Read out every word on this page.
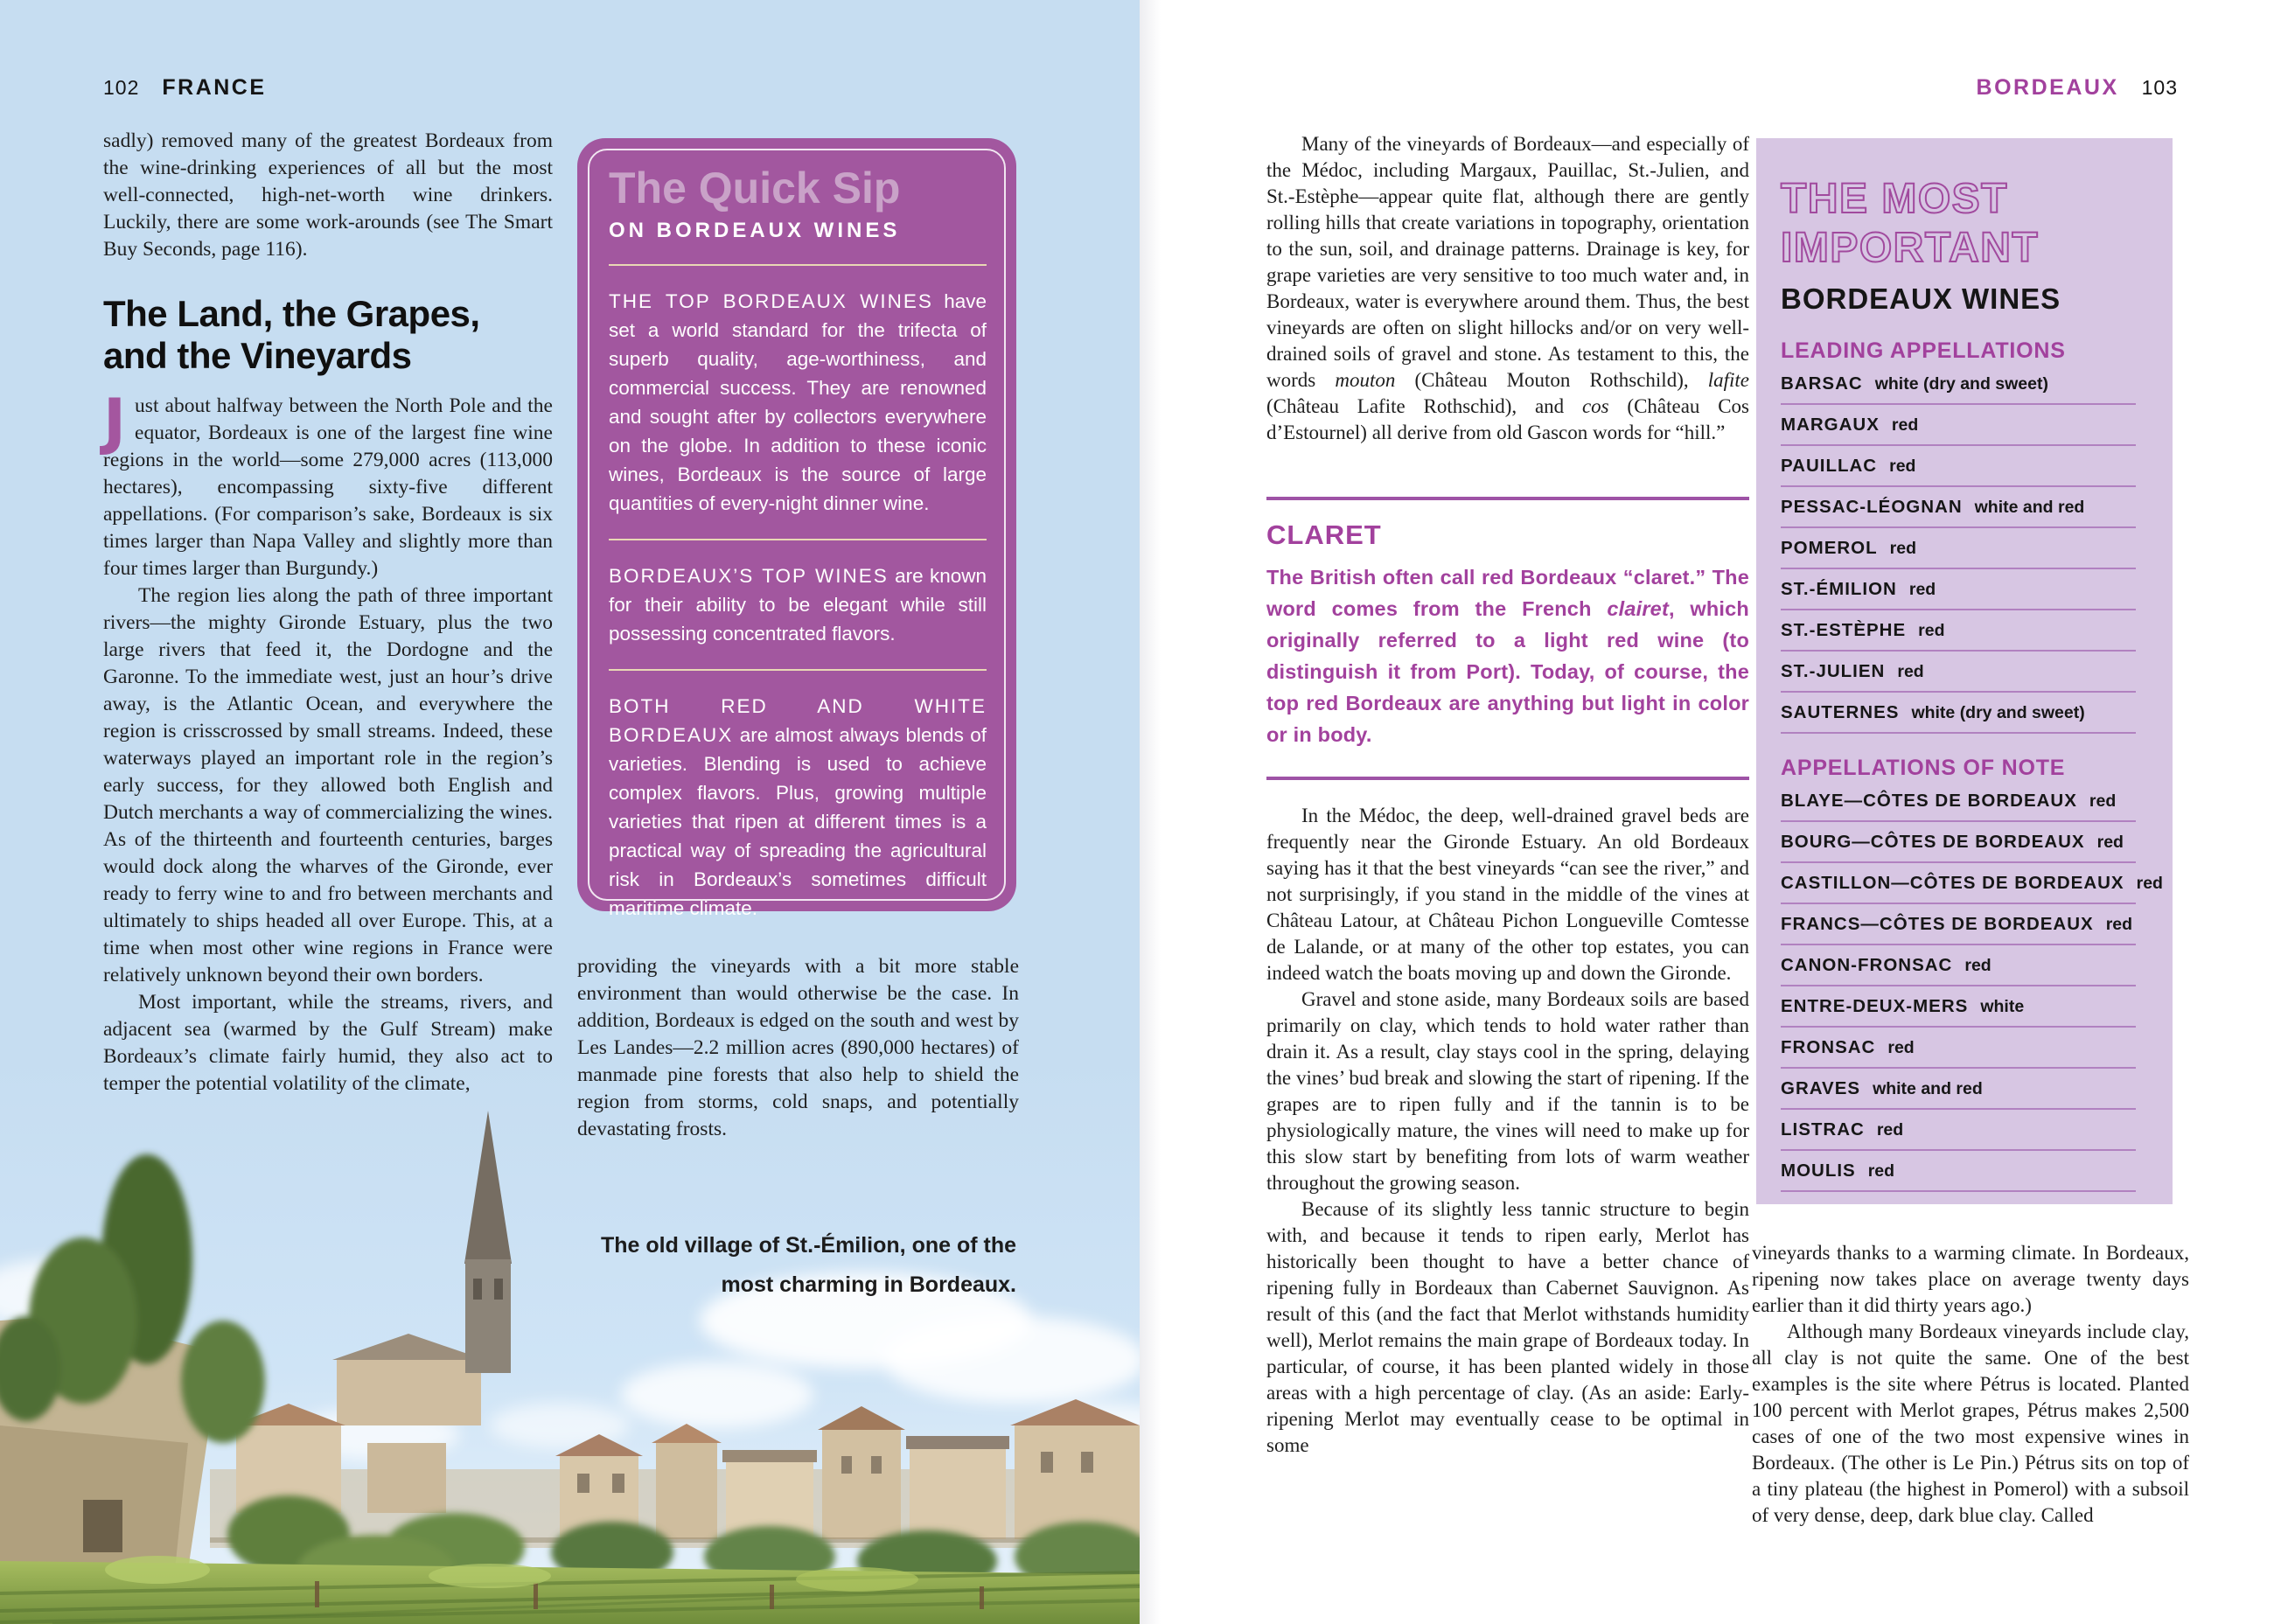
102 FRANCE

sadly) removed many of the greatest Bordeaux from the wine-drinking experiences of all but the most well-connected, high-net-worth wine drinkers. Luckily, there are some work-arounds (see The Smart Buy Seconds, page 116).

The Land, the Grapes,
and the Vineyards

Just about halfway between the North Pole and the equator, Bordeaux is one of the largest fine wine regions in the world—some 279,000 acres (113,000 hectares), encompassing sixty-five different appellations. (For comparison’s sake, Bordeaux is six times larger than Napa Valley and slightly more than four times larger than Burgundy.)

The region lies along the path of three important rivers—the mighty Gironde Estuary, plus the two large rivers that feed it, the Dordogne and the Garonne. To the immediate west, just an hour’s drive away, is the Atlantic Ocean, and everywhere the region is crisscrossed by small streams. Indeed, these waterways played an important role in the region’s early success, for they allowed both English and Dutch merchants a way of commercializing the wines. As of the thirteenth and fourteenth centuries, barges would dock along the wharves of the Gironde, ever ready to ferry wine to and fro between merchants and ultimately to ships headed all over Europe. This, at a time when most other wine regions in France were relatively unknown beyond their own borders.

Most important, while the streams, rivers, and adjacent sea (warmed by the Gulf Stream) make Bordeaux’s climate fairly humid, they also act to temper the potential volatility of the climate,

The Quick Sip
ON BORDEAUX WINES

THE TOP BORDEAUX WINES have set a world standard for the trifecta of superb quality, age-worthiness, and commercial success. They are renowned and sought after by collectors everywhere on the globe. In addition to these iconic wines, Bordeaux is the source of large quantities of every-night dinner wine.

BORDEAUX’S TOP WINES are known for their ability to be elegant while still possessing concentrated flavors.

BOTH RED AND WHITE BORDEAUX are almost always blends of varieties. Blending is used to achieve complex flavors. Plus, growing multiple varieties that ripen at different times is a practical way of spreading the agricultural risk in Bordeaux’s sometimes difficult maritime climate.

providing the vineyards with a bit more stable environment than would otherwise be the case. In addition, Bordeaux is edged on the south and west by Les Landes—2.2 million acres (890,000 hectares) of manmade pine forests that also help to shield the region from storms, cold snaps, and potentially devastating frosts.

The old village of St.-Émilion, one of the
most charming in Bordeaux.
BORDEAUX 103

Many of the vineyards of Bordeaux—and especially of the Médoc, including Margaux, Pauillac, St.-Julien, and St.-Estèphe—appear quite flat, although there are gently rolling hills that create variations in topography, orientation to the sun, soil, and drainage patterns. Drainage is key, for grape varieties are very sensitive to too much water and, in Bordeaux, water is everywhere around them. Thus, the best vineyards are often on slight hillocks and/or on very well-drained soils of gravel and stone. As testament to this, the words mouton (Château Mouton Rothschild), lafite (Château Lafite Rothschid), and cos (Château Cos d’Estournel) all derive from old Gascon words for “hill.”

CLARET

The British often call red Bordeaux “claret.” The word comes from the French clairet, which originally referred to a light red wine (to distinguish it from Port). Today, of course, the top red Bordeaux are anything but light in color or in body.

In the Médoc, the deep, well-drained gravel beds are frequently near the Gironde Estuary. An old Bordeaux saying has it that the best vineyards “can see the river,” and not surprisingly, if you stand in the middle of the vines at Château Latour, at Château Pichon Longueville Comtesse de Lalande, or at many of the other top estates, you can indeed watch the boats moving up and down the Gironde.

Gravel and stone aside, many Bordeaux soils are based primarily on clay, which tends to hold water rather than drain it. As a result, clay stays cool in the spring, delaying the vines’ bud break and slowing the start of ripening. If the grapes are to ripen fully and if the tannin is to be physiologically mature, the vines will need to make up for this slow start by benefiting from lots of warm weather throughout the growing season.

Because of its slightly less tannic structure to begin with, and because it tends to ripen early, Merlot has historically been thought to have a better chance of ripening fully in Bordeaux than Cabernet Sauvignon. As result of this (and the fact that Merlot withstands humidity well), Merlot remains the main grape of Bordeaux today. In particular, of course, it has been planted widely in those areas with a high percentage of clay. (As an aside: Early-ripening Merlot may eventually cease to be optimal in some

THE MOST
IMPORTANT
BORDEAUX WINES
LEADING APPELLATIONS
BARSAC white (dry and sweet)
MARGAUX red
PAUILLAC red
PESSAC-LÉOGNAN white and red
POMEROL red
ST.-ÉMILION red
ST.-ESTÈPHE red
ST.-JULIEN red
SAUTERNES white (dry and sweet)
APPELLATIONS OF NOTE
BLAYE—CÔTES DE BORDEAUX red
BOURG—CÔTES DE BORDEAUX red
CASTILLON—CÔTES DE BORDEAUX red
FRANCS—CÔTES DE BORDEAUX red
CANON-FRONSAC red
ENTRE-DEUX-MERS white
FRONSAC red
GRAVES white and red
LISTRAC red
MOULIS red

vineyards thanks to a warming climate. In Bordeaux, ripening now takes place on average twenty days earlier than it did thirty years ago.)

Although many Bordeaux vineyards include clay, all clay is not quite the same. One of the best examples is the site where Pétrus is located. Planted 100 percent with Merlot grapes, Pétrus makes 2,500 cases of one of the two most expensive wines in Bordeaux. (The other is Le Pin.) Pétrus sits on top of a tiny plateau (the highest in Pomerol) with a subsoil of very dense, deep, dark blue clay. Called
